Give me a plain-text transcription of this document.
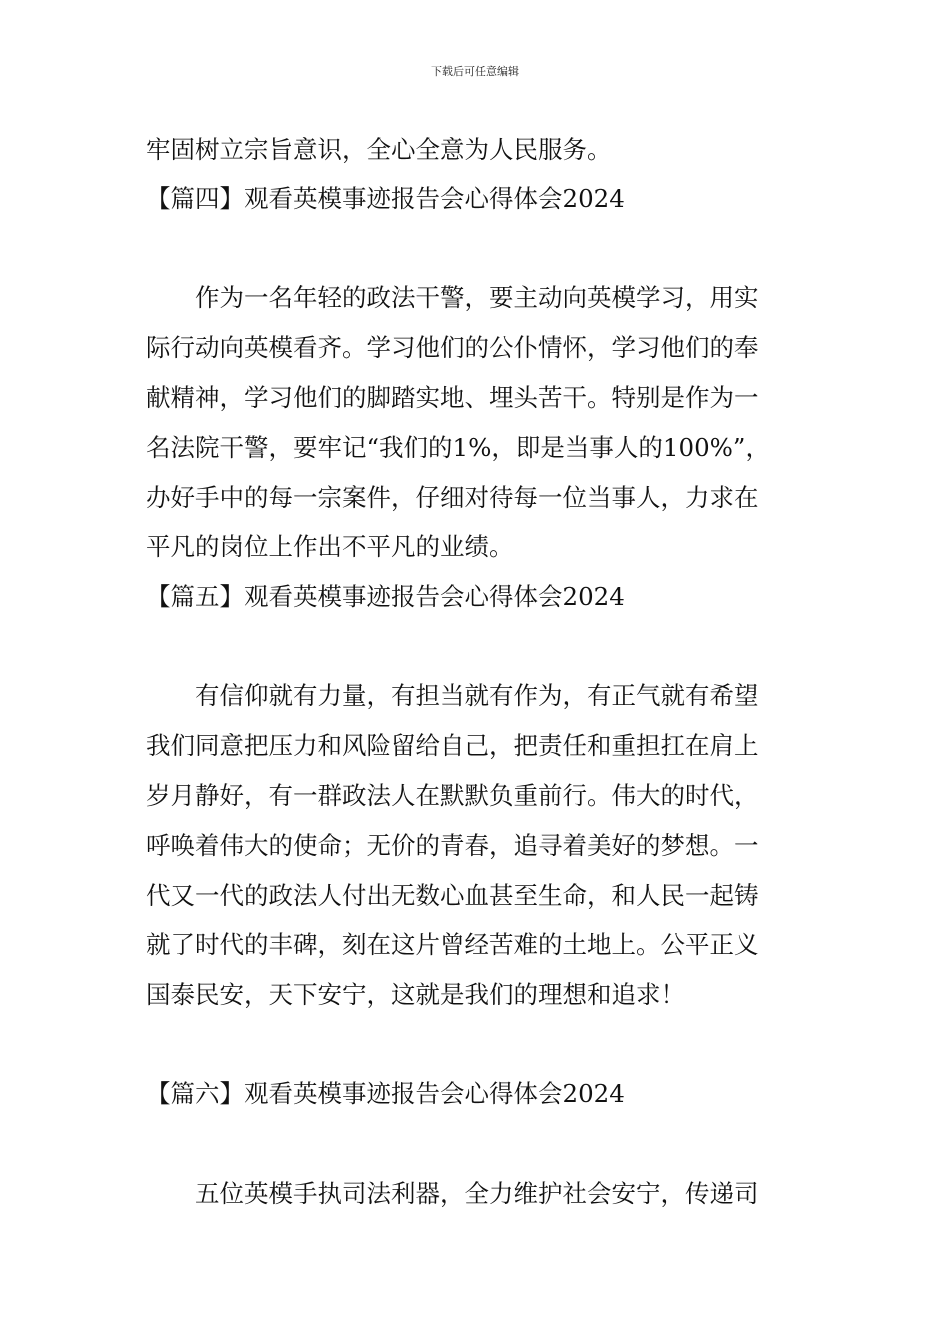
下载后可任意编辑
牢固树立宗旨意识，全心全意为人民服务。
【篇四】观看英模事迹报告会心得体会2024
　　作为一名年轻的政法干警，要主动向英模学习，用实
际行动向英模看齐。学习他们的公仆情怀，学习他们的奉
献精神，学习他们的脚踏实地、埋头苦干。特别是作为一
名法院干警，要牢记“我们的1%，即是当事人的100%”，
办好手中的每一宗案件，仔细对待每一位当事人，力求在
平凡的岗位上作出不平凡的业绩。
【篇五】观看英模事迹报告会心得体会2024
　　有信仰就有力量，有担当就有作为，有正气就有希望
我们同意把压力和风险留给自己，把责任和重担扛在肩上
岁月静好，有一群政法人在默默负重前行。伟大的时代，
呼唤着伟大的使命；无价的青春，追寻着美好的梦想。一
代又一代的政法人付出无数心血甚至生命，和人民一起铸
就了时代的丰碑，刻在这片曾经苦难的土地上。公平正义
国泰民安，天下安宁，这就是我们的理想和追求！
【篇六】观看英模事迹报告会心得体会2024
　　五位英模手执司法利器，全力维护社会安宁，传递司
